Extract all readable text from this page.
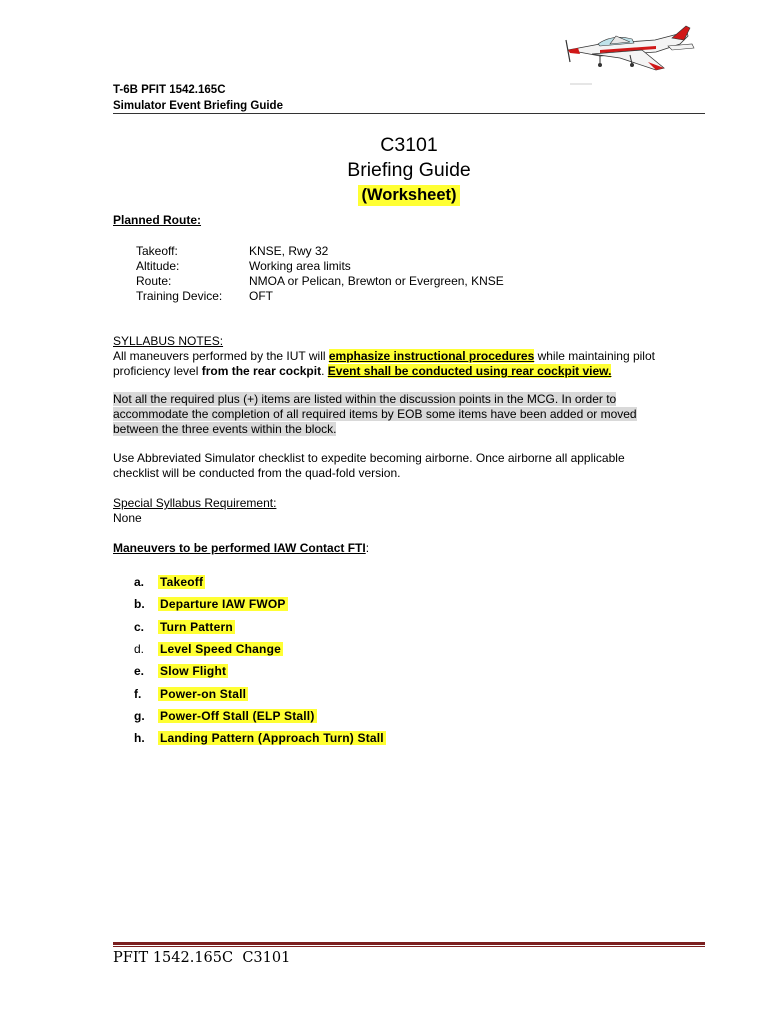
T-6B PFIT 1542.165C
Simulator Event Briefing Guide
C3101
Briefing Guide
(Worksheet)
Planned Route:
Takeoff:	KNSE, Rwy 32
Altitude:	Working area limits
Route:	NMOA or Pelican, Brewton or Evergreen, KNSE
Training Device:	OFT
SYLLABUS NOTES:
All maneuvers performed by the IUT will emphasize instructional procedures while maintaining pilot proficiency level from the rear cockpit. Event shall be conducted using rear cockpit view.
Not all the required plus (+) items are listed within the discussion points in the MCG. In order to accommodate the completion of all required items by EOB some items have been added or moved between the three events within the block.
Use Abbreviated Simulator checklist to expedite becoming airborne. Once airborne all applicable checklist will be conducted from the quad-fold version.
Special Syllabus Requirement:
None
Maneuvers to be performed IAW Contact FTI:
a.	Takeoff
b.	Departure IAW FWOP
c.	Turn Pattern
d.	Level Speed Change
e.	Slow Flight
f.	Power-on Stall
g.	Power-Off Stall (ELP Stall)
h.	Landing Pattern (Approach Turn) Stall
PFIT 1542.165C  C3101
